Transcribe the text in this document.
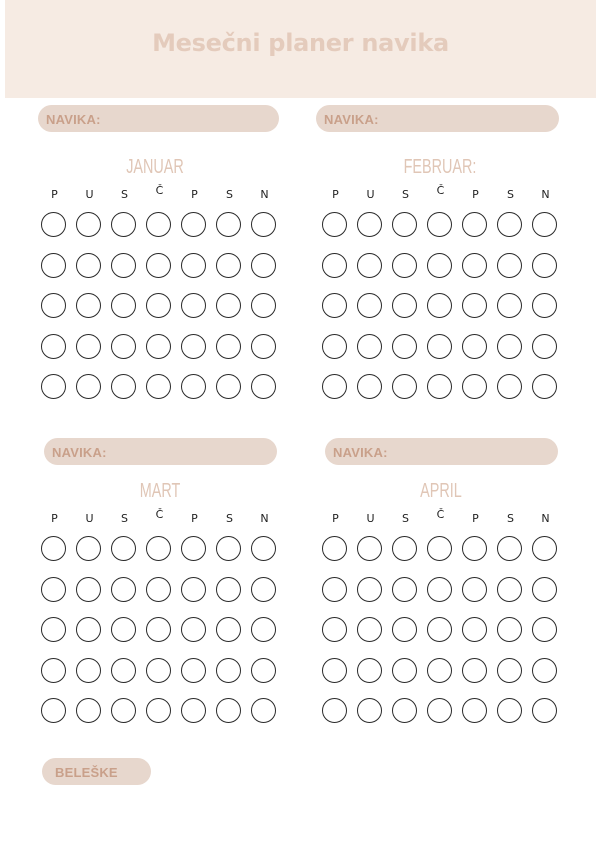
Mesečni planer navika
NAVIKA:
JANUAR
P	U	S	Č	P	S	N
NAVIKA:
FEBRUAR:
P	U	S	Č	P	S	N
NAVIKA:
MART
P	U	S	Č	P	S	N
NAVIKA:
APRIL
P	U	S	Č	P	S	N
BELEŠKE
